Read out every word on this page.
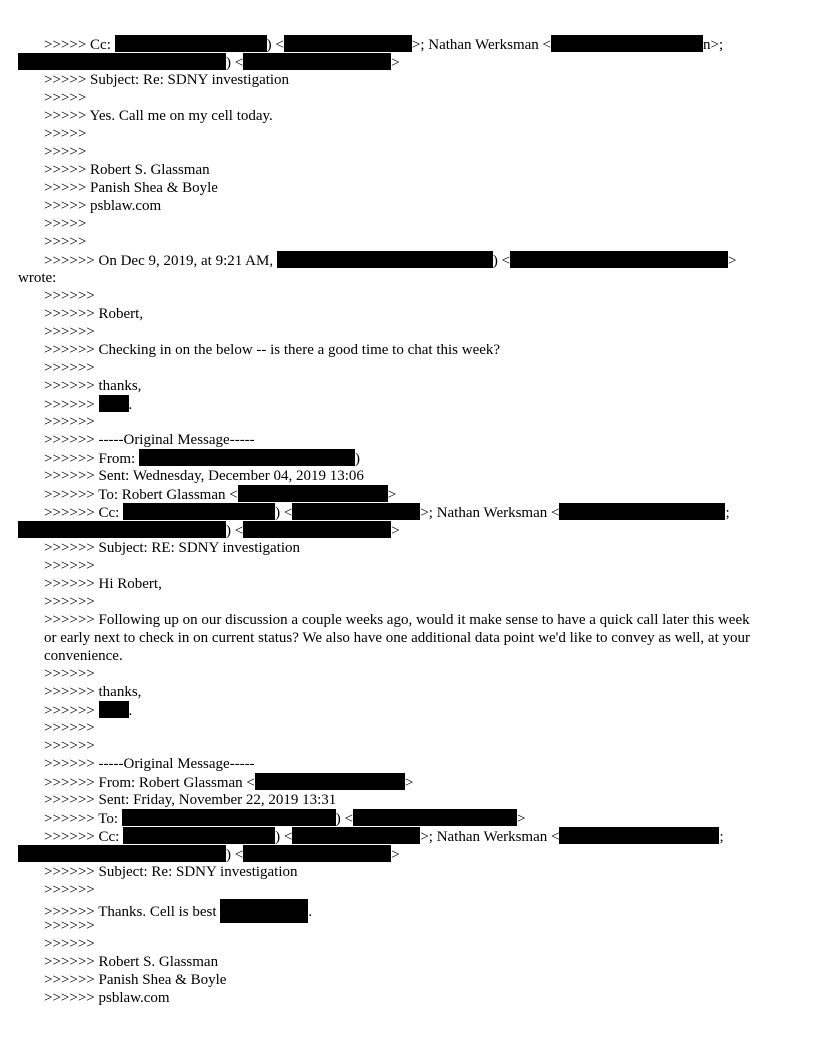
>>>>> Cc:	) <	>; Nathan Werksman <	n>;
) <	>
>>>>> Subject: Re: SDNY investigation
>>>>>
>>>>> Yes. Call me on my cell today.
>>>>>
>>>>>
>>>>> Robert S. Glassman
>>>>> Panish Shea & Boyle
>>>>> psblaw.com
>>>>>
>>>>>
>>>>>> On Dec 9, 2019, at 9:21 AM,	) <	>
wrote:
>>>>>>
>>>>>> Robert,
>>>>>>
>>>>>> Checking in on the below -- is there a good time to chat this week?
>>>>>>
>>>>>> thanks,
>>>>>> .
>>>>>>
>>>>>> -----Original Message-----
>>>>>> From:	)
>>>>>> Sent: Wednesday, December 04, 2019 13:06
>>>>>> To: Robert Glassman <	>
>>>>>> Cc:	) <	>; Nathan Werksman <	;
) <	>
>>>>>> Subject: RE: SDNY investigation
>>>>>>
>>>>>> Hi Robert,
>>>>>>
>>>>>> Following up on our discussion a couple weeks ago, would it make sense to have a quick call later this week or early next to check in on current status? We also have one additional data point we'd like to convey as well, at your convenience.
>>>>>>
>>>>>> thanks,
>>>>>> .
>>>>>>
>>>>>>
>>>>>> -----Original Message-----
>>>>>> From: Robert Glassman <	>
>>>>>> Sent: Friday, November 22, 2019 13:31
>>>>>> To:	) <	>
>>>>>> Cc:	) <	>; Nathan Werksman <	;
) <	>
>>>>>> Subject: Re: SDNY investigation
>>>>>>
>>>>>> Thanks. Cell is best	.
>>>>>>
>>>>>>
>>>>>> Robert S. Glassman
>>>>>> Panish Shea & Boyle
>>>>>> psblaw.com
